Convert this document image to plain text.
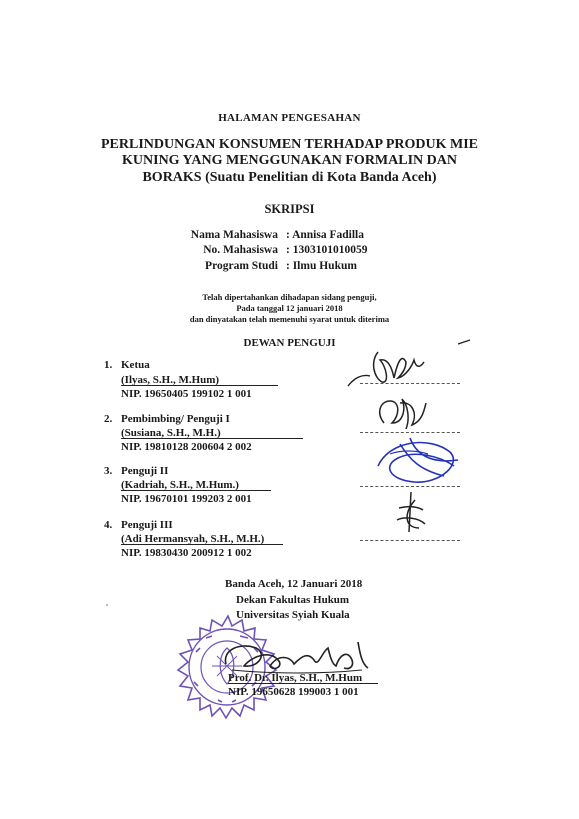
HALAMAN PENGESAHAN
PERLINDUNGAN KONSUMEN TERHADAP PRODUK MIE
KUNING YANG MENGGUNAKAN FORMALIN DAN
BORAKS (Suatu Penelitian di Kota Banda Aceh)
SKRIPSI
Nama Mahasiswa : Annisa Fadilla
No. Mahasiswa : 1303101010059
Program Studi : Ilmu Hukum
Telah dipertahankan dihadapan sidang penguji,
Pada tanggal 12 januari 2018
dan dinyatakan telah memenuhi syarat untuk diterima
DEWAN PENGUJI
1. Ketua
(Ilyas, S.H., M.Hum)
NIP. 19650405 199102 1 001
2. Pembimbing/ Penguji I
(Susiana, S.H., M.H.)
NIP. 19810128 200604 2 002
3. Penguji II
(Kadriah, S.H., M.Hum.)
NIP. 19670101 199203 2 001
4. Penguji III
(Adi Hermansyah, S.H., M.H.)
NIP. 19830430 200912 1 002
Banda Aceh, 12 Januari 2018
Dekan Fakultas Hukum
Universitas Syiah Kuala
Prof. Dr. Ilyas, S.H., M.Hum
NIP. 19650628 199003 1 001
